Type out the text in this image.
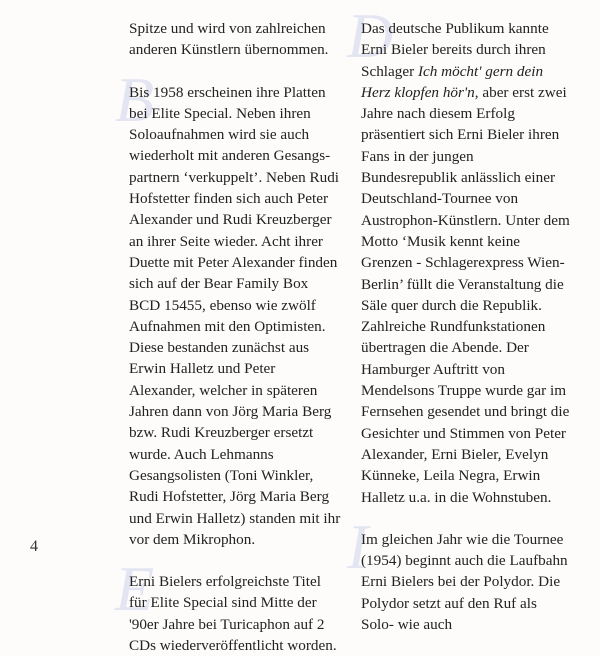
Spitze und wird von zahlreichen anderen Künstlern übernommen.

B
Bis 1958 erscheinen ihre Platten bei Elite Special. Neben ihren Soloaufnahmen wird sie auch wiederholt mit anderen Gesangs-partnern ‘verkuppelt’. Neben Rudi Hofstetter finden sich auch Peter Alexander und Rudi Kreuzberger an ihrer Seite wieder. Acht ihrer Duette mit Peter Alexander finden sich auf der Bear Family Box BCD 15455, ebenso wie zwölf Aufnahmen mit den Optimisten. Diese bestanden zunächst aus Erwin Halletz und Peter Alexander, welcher in späteren Jahren dann von Jörg Maria Berg bzw. Rudi Kreuzberger ersetzt wurde. Auch Lehmanns Gesangsolisten (Toni Winkler, Rudi Hofstetter, Jörg Maria Berg und Erwin Halletz) standen mit ihr vor dem Mikrophon.

E
Erni Bielers erfolgreichste Titel für Elite Special sind Mitte der '90er Jahre bei Turicaphon auf 2 CDs wiederveröffentlicht worden.

D
Das deutsche Publikum kannte Erni Bieler bereits durch ihren Schlager Ich möcht' gern dein Herz klopfen hör'n, aber erst zwei Jahre nach diesem Erfolg präsentiert sich Erni Bieler ihren Fans in der jungen Bundesrepublik anlässlich einer Deutschland-Tournee von Austrophon-Künstlern. Unter dem Motto ‘Musik kennt keine Grenzen - Schlagerexpress Wien-Berlin’ füllt die Veranstaltung die Säle quer durch die Republik. Zahlreiche Rundfunkstationen übertragen die Abende. Der Hamburger Auftritt von Mendelsons Truppe wurde gar im Fernsehen gesendet und bringt die Gesichter und Stimmen von Peter Alexander, Erni Bieler, Evelyn Künneke, Leila Negra, Erwin Halletz u.a. in die Wohnstuben.

I
Im gleichen Jahr wie die Tournee (1954) beginnt auch die Laufbahn Erni Bielers bei der Polydor. Die Polydor setzt auf den Ruf als Solo- wie auch

4
